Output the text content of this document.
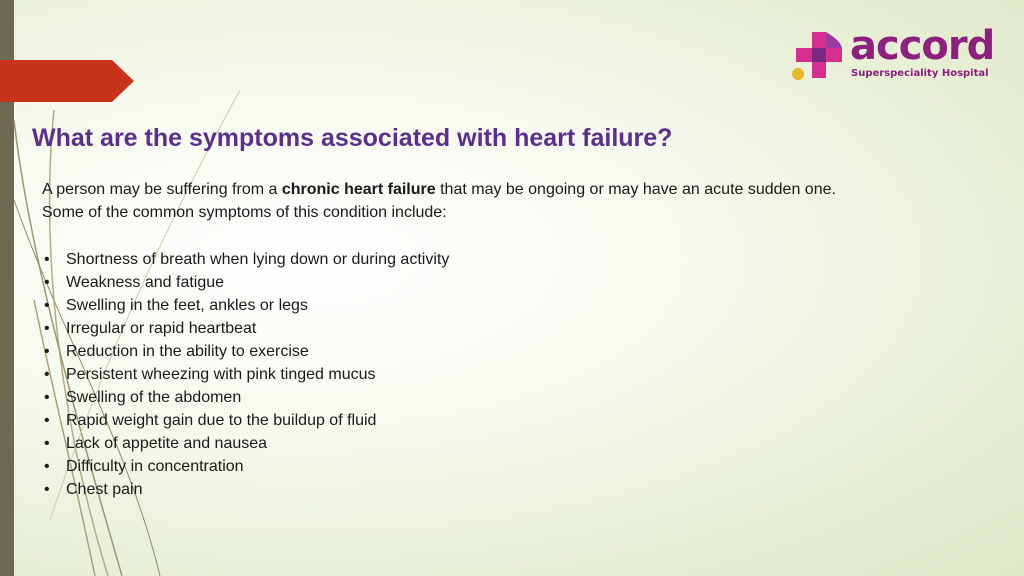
accord
Superspeciality Hospital
What are the symptoms associated with heart failure?

A person may be suffering from a chronic heart failure that may be ongoing or may have an acute sudden one.
Some of the common symptoms of this condition include:

• Shortness of breath when lying down or during activity
• Weakness and fatigue
• Swelling in the feet, ankles or legs
• Irregular or rapid heartbeat
• Reduction in the ability to exercise
• Persistent wheezing with pink tinged mucus
• Swelling of the abdomen
• Rapid weight gain due to the buildup of fluid
• Lack of appetite and nausea
• Difficulty in concentration
• Chest pain
